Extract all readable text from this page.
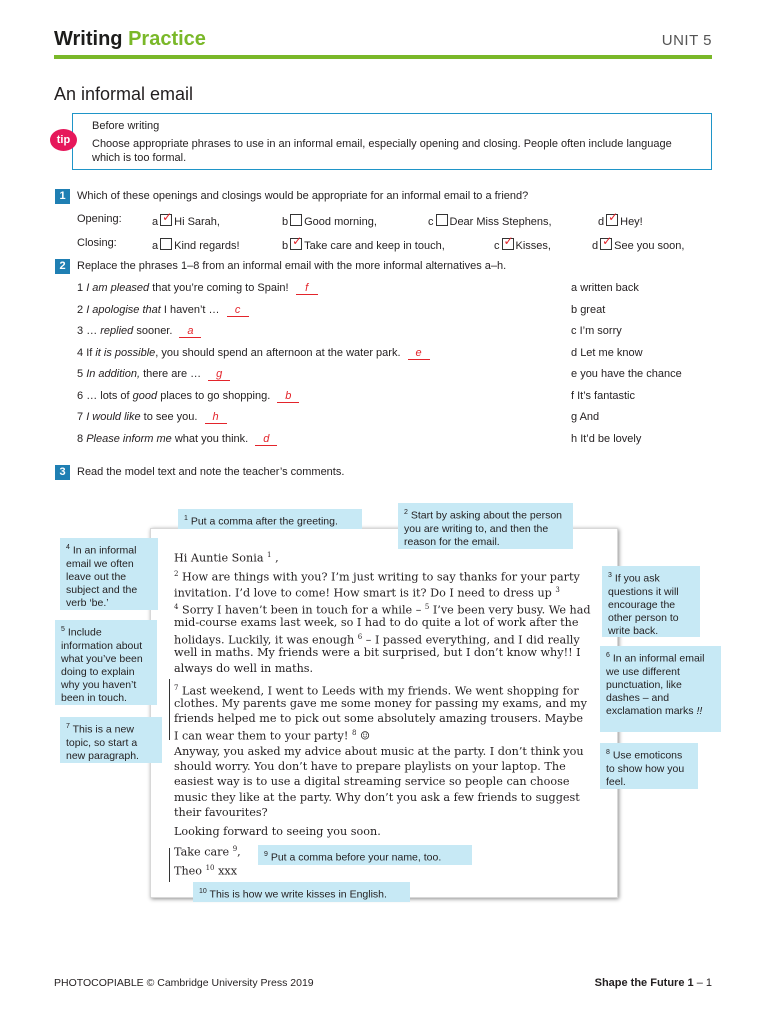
Writing Practice	UNIT 5
An informal email
tip
Before writing
Choose appropriate phrases to use in an informal email, especially opening and closing. People often include language which is too formal.
1	Which of these openings and closings would be appropriate for an informal email to a friend?
Opening:
Closing:
a ✓ Hi Sarah,	b Good morning,	c Dear Miss Stephens,	d ✓ Hey!
a Kind regards!	b ✓ Take care and keep in touch,	c ✓ Kisses,	d ✓ See you soon,
2	Replace the phrases 1–8 from an informal email with the more informal alternatives a–h.
1 I am pleased that you’re coming to Spain! f
2 I apologise that I haven’t … c
3 … replied sooner. a
4 If it is possible, you should spend an afternoon at the water park. e
5 In addition, there are … g
6 … lots of good places to go shopping. b
7 I would like to see you. h
8 Please inform me what you think. d
a written back
b great
c I’m sorry
d Let me know
e you have the chance
f It’s fantastic
g And
h It’d be lovely
3	Read the model text and note the teacher’s comments.
Hi Auntie Sonia $^1$ ,
$^2$ How are things with you? I’m just writing to say thanks for your party
invitation. I’d love to come! How smart is it? Do I need to dress up $^3$
$^4$ Sorry I haven’t been in touch for a while – $^5$ I’ve been very busy. We had
mid-course exams last week, so I had to do quite a lot of work after the
holidays. Luckily, it was enough $^6$ – I passed everything, and I did really
well in maths. My friends were a bit surprised, but I don’t know why!! I
always do well in maths.
$^7$ Last weekend, I went to Leeds with my friends. We went shopping for
clothes. My parents gave me some money for passing my exams, and my
friends helped me to pick out some absolutely amazing trousers. Maybe
I can wear them to your party! $^8$ ☺
Anyway, you asked my advice about music at the party. I don’t think you
should worry. You don’t have to prepare playlists on your laptop. The
easiest way is to use a digital streaming service so people can choose
music they like at the party. Why don’t you ask a few friends to suggest
their favourites?
Looking forward to seeing you soon.
Take care $^9$,
Theo $^{10}$ xxx
$^1$ Put a comma after the greeting.
$^2$ Start by asking about the person you are writing to, and then the reason for the email.
$^3$ If you ask questions it will encourage the other person to write back.
$^4$ In an informal email we often leave out the subject and the verb ‘be.’
$^5$ Include information about what you’ve been doing to explain why you haven’t been in touch.
$^6$ In an informal email we use different punctuation, like dashes – and exclamation marks !!
$^7$ This is a new topic, so start a new paragraph.	$^8$ Use emoticons to show how you feel.
$^9$ Put a comma before your name, too.
$^{10}$ This is how we write kisses in English.
PHOTOCOPIABLE © Cambridge University Press 2019	Shape the Future 1 – 1
